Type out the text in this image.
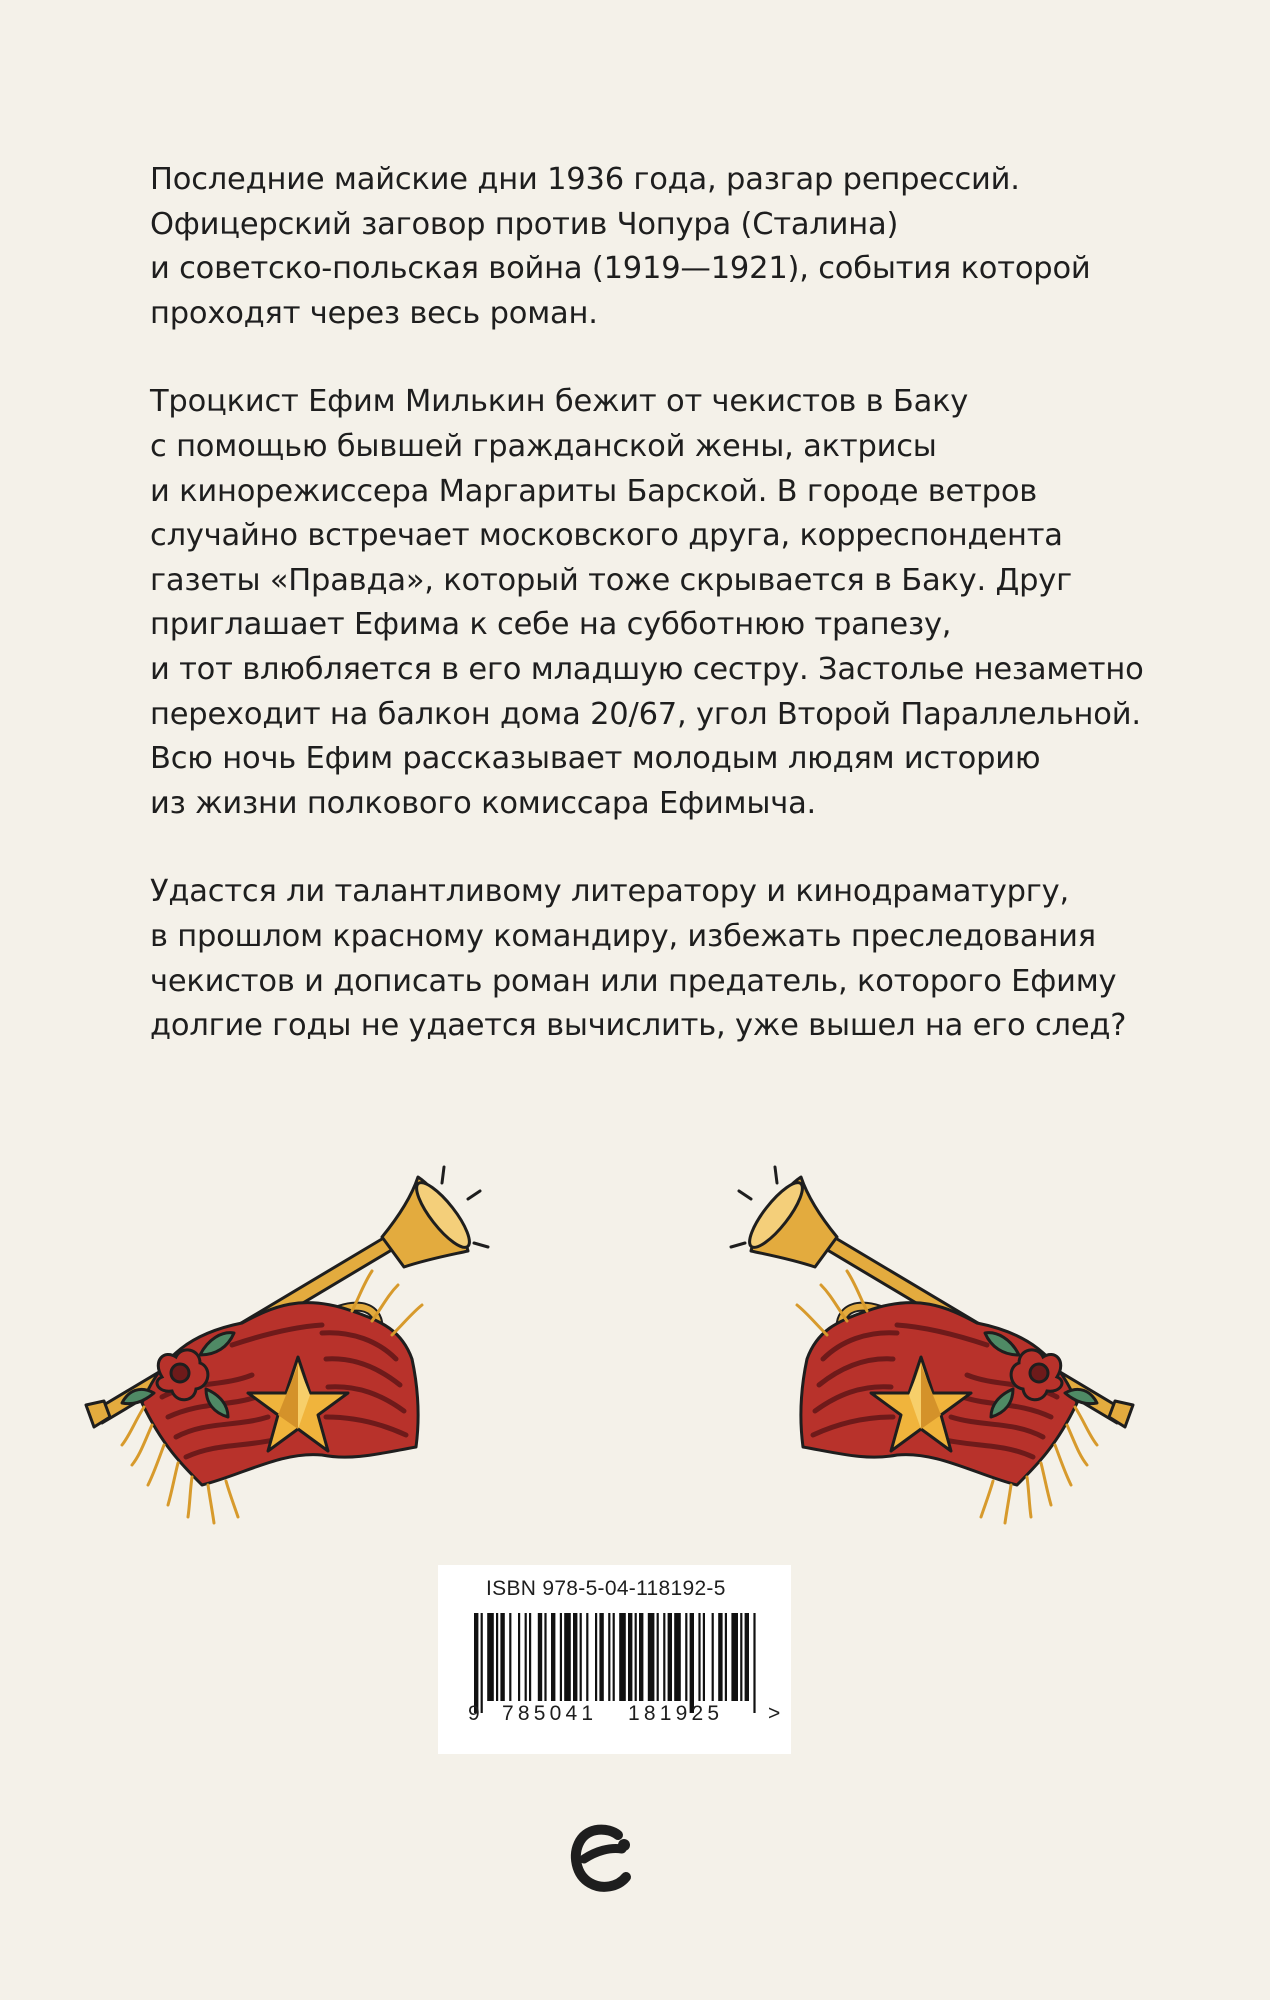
Последние майские дни 1936 года, разгар репрессий.
Офицерский заговор против Чопура (Сталина)
и советско-польская война (1919—1921), события которой
проходят через весь роман.
Троцкист Ефим Милькин бежит от чекистов в Баку
с помощью бывшей гражданской жены, актрисы
и кинорежиссера Маргариты Барской. В городе ветров
случайно встречает московского друга, корреспондента
газеты «Правда», который тоже скрывается в Баку. Друг
приглашает Ефима к себе на субботнюю трапезу,
и тот влюбляется в его младшую сестру. Застолье незаметно
переходит на балкон дома 20/67, угол Второй Параллельной.
Всю ночь Ефим рассказывает молодым людям историю
из жизни полкового комиссара Ефимыча.
Удастся ли талантливому литератору и кинодраматургу,
в прошлом красному командиру, избежать преследования
чекистов и дописать роман или предатель, которого Ефиму
долгие годы не удается вычислить, уже вышел на его след?
ISBN 978-5-04-118192-5
9 785041 181925 >
